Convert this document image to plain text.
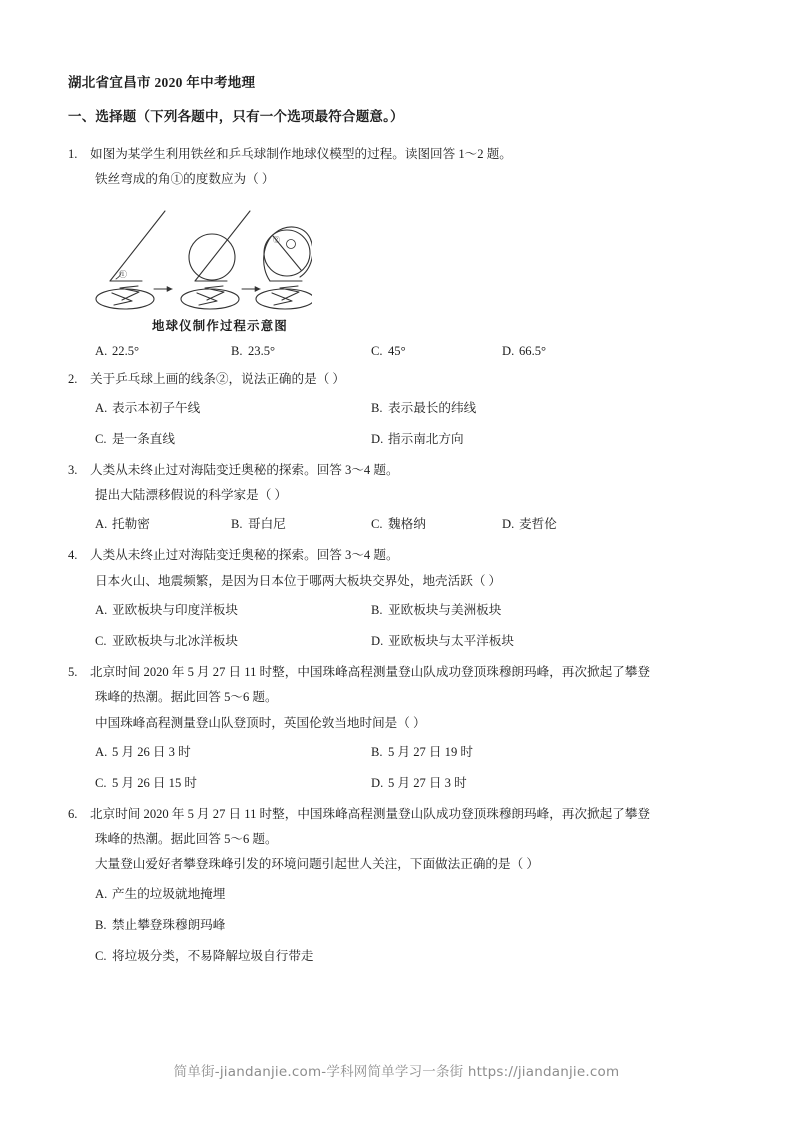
湖北省宜昌市 2020 年中考地理
一、选择题（下列各题中，只有一个选项最符合题意。）

1. 如图为某学生利用铁丝和乒乓球制作地球仪模型的过程。读图回答 1～2 题。

铁丝弯成的角①的度数应为（ ）

①
②

地球仪制作过程示意图

A. 22.5°	B. 23.5°	C. 45°	D. 66.5°

2. 关于乒乓球上画的线条②，说法正确的是（ ）

A. 表示本初子午线	B. 表示最长的纬线
C. 是一条直线	D. 指示南北方向

3. 人类从未终止过对海陆变迁奥秘的探索。回答 3～4 题。

提出大陆漂移假说的科学家是（ ）

A. 托勒密	B. 哥白尼	C. 魏格纳	D. 麦哲伦

4. 人类从未终止过对海陆变迁奥秘的探索。回答 3～4 题。

日本火山、地震频繁，是因为日本位于哪两大板块交界处，地壳活跃（ ）

A. 亚欧板块与印度洋板块	B. 亚欧板块与美洲板块
C. 亚欧板块与北冰洋板块	D. 亚欧板块与太平洋板块

5. 北京时间 2020 年 5 月 27 日 11 时整，中国珠峰高程测量登山队成功登顶珠穆朗玛峰，再次掀起了攀登

珠峰的热潮。据此回答 5～6 题。

中国珠峰高程测量登山队登顶时，英国伦敦当地时间是（ ）

A. 5 月 26 日 3 时	B. 5 月 27 日 19 时
C. 5 月 26 日 15 时	D. 5 月 27 日 3 时

6. 北京时间 2020 年 5 月 27 日 11 时整，中国珠峰高程测量登山队成功登顶珠穆朗玛峰，再次掀起了攀登

珠峰的热潮。据此回答 5～6 题。

大量登山爱好者攀登珠峰引发的环境问题引起世人关注，下面做法正确的是（ ）

A. 产生的垃圾就地掩埋
B. 禁止攀登珠穆朗玛峰
C. 将垃圾分类，不易降解垃圾自行带走
简单街-jiandanjie.com-学科网简单学习一条街 https://jiandanjie.com
